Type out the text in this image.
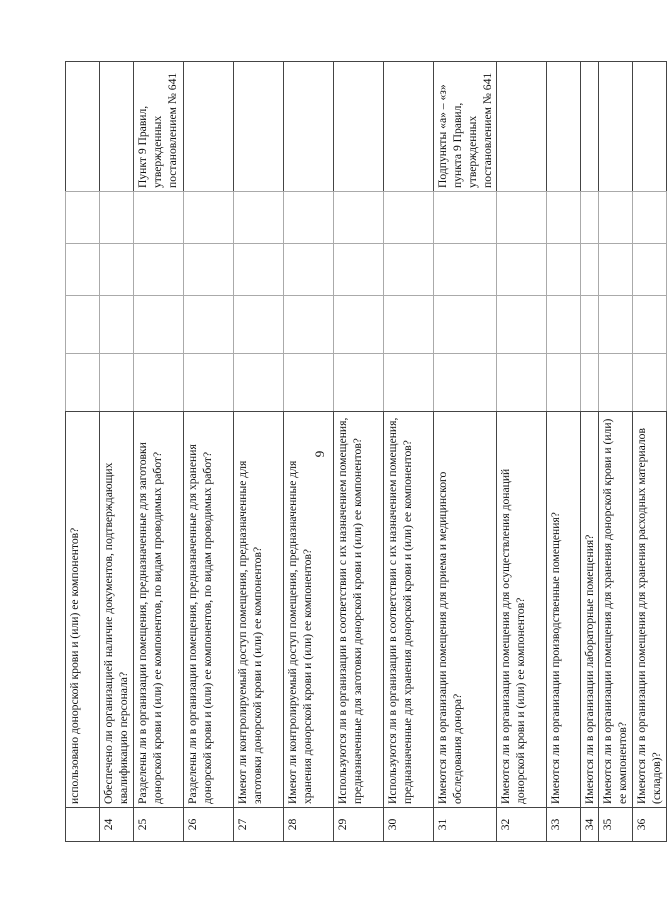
9
	использовано донорской крови и (или) ее компонентов?					
24	Обеспечено ли организацией наличие документов, подтверждающих квалификацию персонала?					
25	Разделены ли в организации помещения, предназначенные для заготовки донорской крови и (или) ее компонентов, по видам проводимых работ?					Пункт 9 Правил, утвержденных постановлением № 641
26	Разделены ли в организации помещения, предназначенные для хранения донорской крови и (или) ее компонентов, по видам проводимых работ?					
27	Имеют ли контролируемый доступ помещения, предназначенные для заготовки донорской крови и (или) ее компонентов?					
28	Имеют ли контролируемый доступ помещения, предназначенные для хранения донорской крови и (или) ее компонентов?					
29	Используются ли в организации в соответствии с их назначением помещения, предназначенные для заготовки донорской крови и (или) ее компонентов?					
30	Используются ли в организации в соответствии с их назначением помещения, предназначенные для хранения донорской крови и (или) ее компонентов?					
31	Имеются ли в организации помещения для приема и медицинского обследования донора?					Подпункты «а» – «з» пункта 9 Правил, утвержденных постановлением № 641
32	Имеются ли в организации помещения для осуществления донаций донорской крови и (или) ее компонентов?					
33	Имеются ли в организации производственные помещения?					
34	Имеются ли в организации лабораторные помещения?					
35	Имеются ли в организации помещения для хранения донорской крови и (или) ее компонентов?					
36	Имеются ли в организации помещения для хранения расходных материалов (складов)?					
